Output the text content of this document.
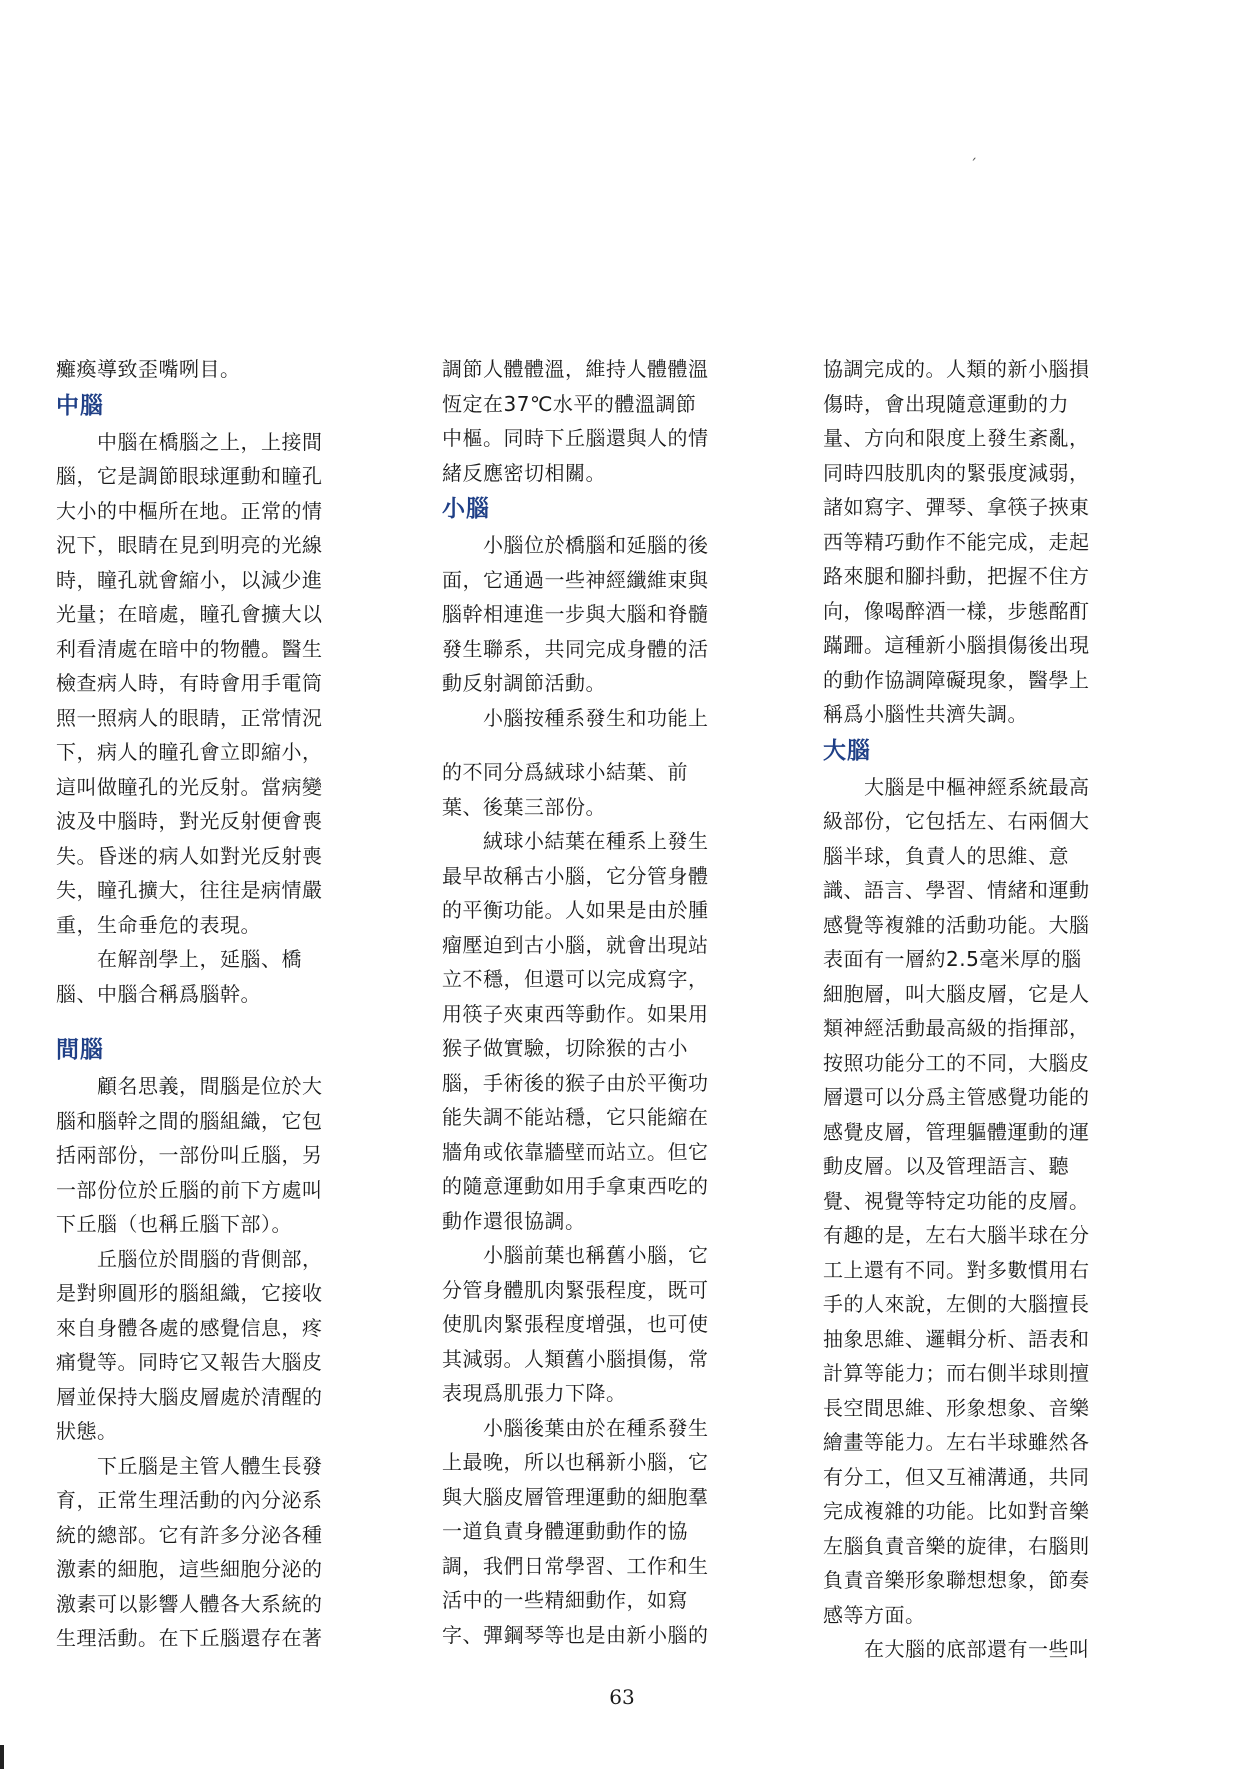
癱瘓導致歪嘴咧目。
中腦
　　中腦在橋腦之上，上接間
腦，它是調節眼球運動和瞳孔
大小的中樞所在地。正常的情
況下，眼睛在見到明亮的光線
時，瞳孔就會縮小，以減少進
光量；在暗處，瞳孔會擴大以
利看清處在暗中的物體。醫生
檢查病人時，有時會用手電筒
照一照病人的眼睛，正常情況
下，病人的瞳孔會立即縮小，
這叫做瞳孔的光反射。當病變
波及中腦時，對光反射便會喪
失。昏迷的病人如對光反射喪
失，瞳孔擴大，往往是病情嚴
重，生命垂危的表現。
　　在解剖學上，延腦、橋
腦、中腦合稱爲腦幹。
間腦
　　顧名思義，間腦是位於大
腦和腦幹之間的腦組織，它包
括兩部份，一部份叫丘腦，另
一部份位於丘腦的前下方處叫
下丘腦（也稱丘腦下部）。
　　丘腦位於間腦的背側部，
是對卵圓形的腦組織，它接收
來自身體各處的感覺信息，疼
痛覺等。同時它又報告大腦皮
層並保持大腦皮層處於清醒的
狀態。
　　下丘腦是主管人體生長發
育，正常生理活動的內分泌系
統的總部。它有許多分泌各種
激素的細胞，這些細胞分泌的
激素可以影響人體各大系統的
生理活動。在下丘腦還存在著
調節人體體溫，維持人體體溫
恆定在37℃水平的體溫調節
中樞。同時下丘腦還與人的情
緒反應密切相關。
小腦
　　小腦位於橋腦和延腦的後
面，它通過一些神經纖維束與
腦幹相連進一步與大腦和脊髓
發生聯系，共同完成身體的活
動反射調節活動。
　　小腦按種系發生和功能上
的不同分爲絨球小結葉、前
葉、後葉三部份。
　　絨球小結葉在種系上發生
最早故稱古小腦，它分管身體
的平衡功能。人如果是由於腫
瘤壓迫到古小腦，就會出現站
立不穩，但還可以完成寫字，
用筷子夾東西等動作。如果用
猴子做實驗，切除猴的古小
腦，手術後的猴子由於平衡功
能失調不能站穩，它只能縮在
牆角或依靠牆壁而站立。但它
的隨意運動如用手拿東西吃的
動作還很協調。
　　小腦前葉也稱舊小腦，它
分管身體肌肉緊張程度，既可
使肌肉緊張程度增强，也可使
其減弱。人類舊小腦損傷，常
表現爲肌張力下降。
　　小腦後葉由於在種系發生
上最晚，所以也稱新小腦，它
與大腦皮層管理運動的細胞羣
一道負責身體運動動作的協
調，我們日常學習、工作和生
活中的一些精細動作，如寫
字、彈鋼琴等也是由新小腦的
協調完成的。人類的新小腦損
傷時，會出現隨意運動的力
量、方向和限度上發生紊亂，
同時四肢肌肉的緊張度減弱，
諸如寫字、彈琴、拿筷子挾東
西等精巧動作不能完成，走起
路來腿和腳抖動，把握不住方
向，像喝醉酒一樣，步態酩酊
蹣跚。這種新小腦損傷後出現
的動作協調障礙現象，醫學上
稱爲小腦性共濟失調。
大腦
　　大腦是中樞神經系統最高
級部份，它包括左、右兩個大
腦半球，負責人的思維、意
識、語言、學習、情緒和運動
感覺等複雜的活動功能。大腦
表面有一層約2.5毫米厚的腦
細胞層，叫大腦皮層，它是人
類神經活動最高級的指揮部，
按照功能分工的不同，大腦皮
層還可以分爲主管感覺功能的
感覺皮層，管理軀體運動的運
動皮層。以及管理語言、聽
覺、視覺等特定功能的皮層。
有趣的是，左右大腦半球在分
工上還有不同。對多數慣用右
手的人來說，左側的大腦擅長
抽象思維、邏輯分析、語表和
計算等能力；而右側半球則擅
長空間思維、形象想象、音樂
繪畫等能力。左右半球雖然各
有分工，但又互補溝通，共同
完成複雜的功能。比如對音樂
左腦負責音樂的旋律，右腦則
負責音樂形象聯想想象，節奏
感等方面。
　　在大腦的底部還有一些叫
63
ˏ
